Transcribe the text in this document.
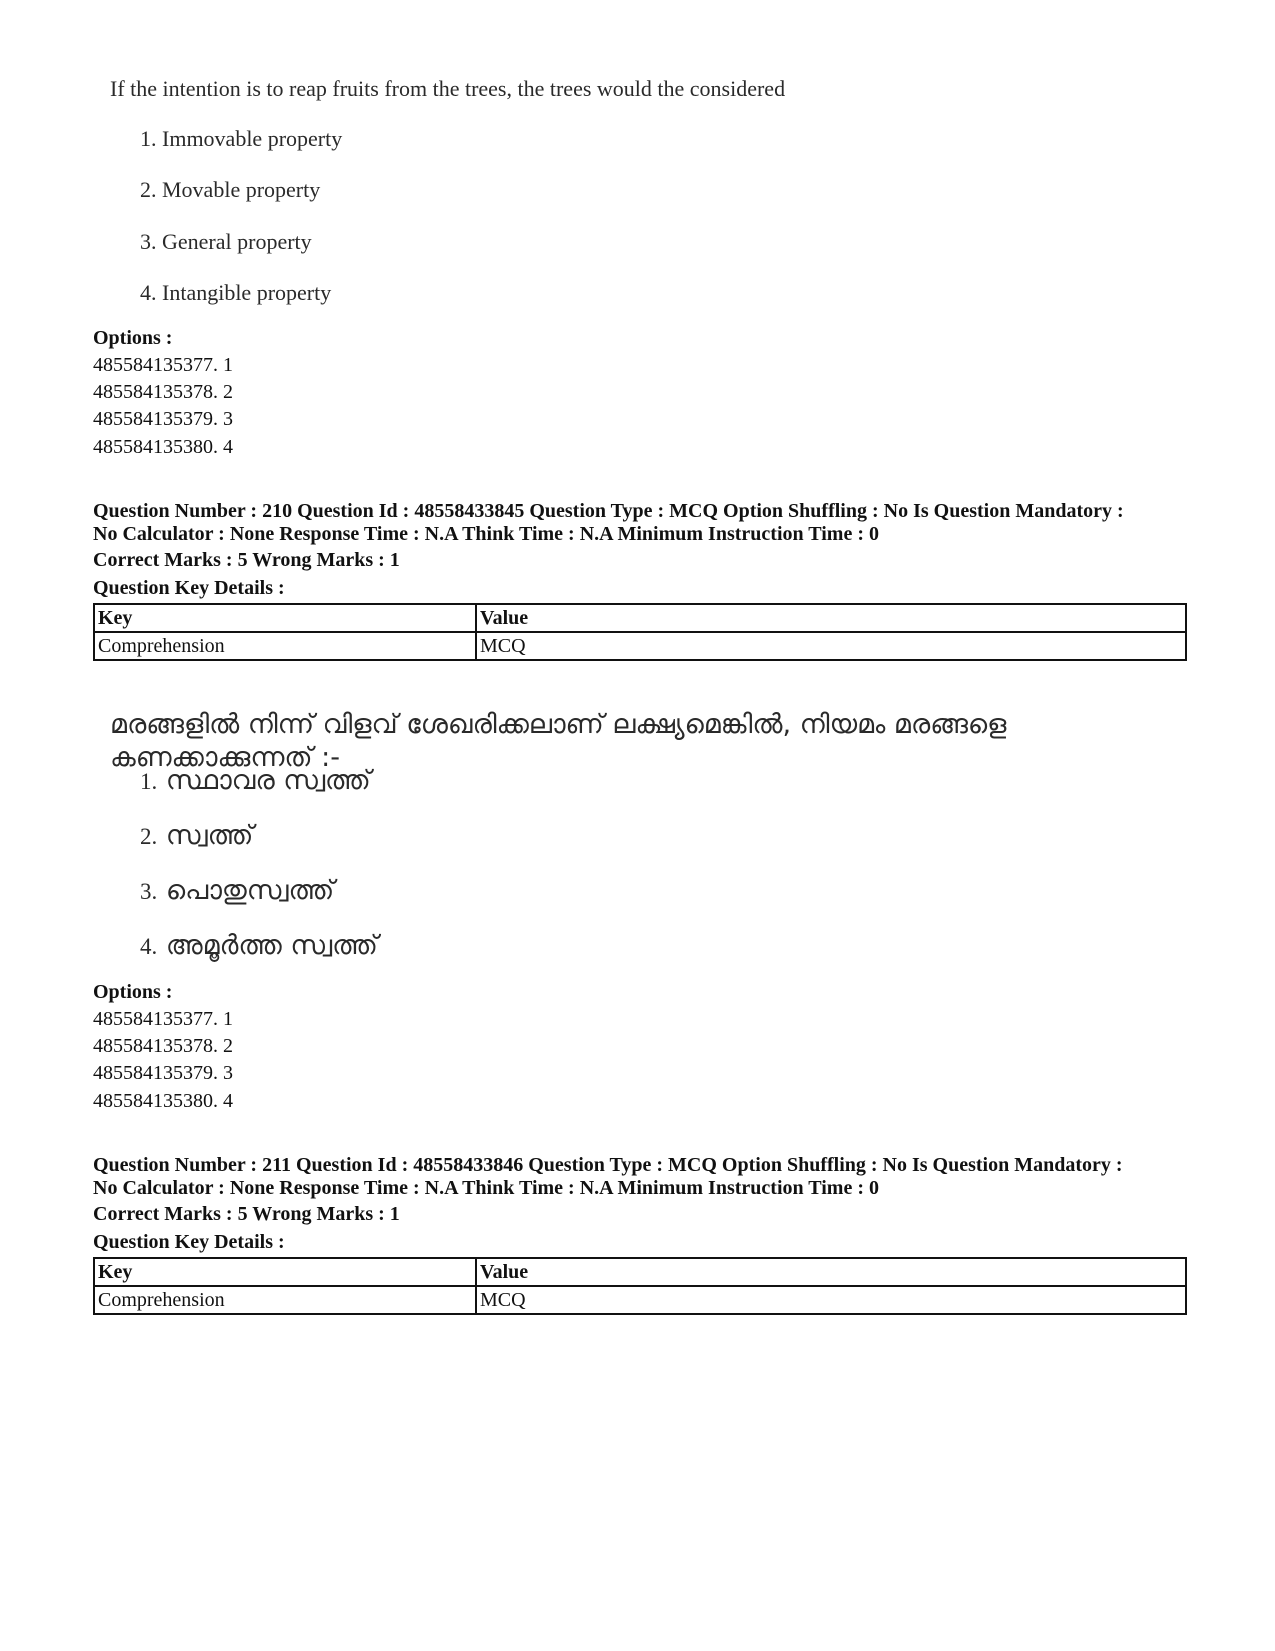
If the intention is to reap fruits from the trees, the trees would the considered
1. Immovable property
2. Movable property
3. General property
4. Intangible property
Options :
485584135377. 1
485584135378. 2
485584135379. 3
485584135380. 4
Question Number : 210 Question Id : 48558433845 Question Type : MCQ Option Shuffling : No Is Question Mandatory :
No Calculator : None Response Time : N.A Think Time : N.A Minimum Instruction Time : 0
Correct Marks : 5 Wrong Marks : 1
Question Key Details :
Key	Value
Comprehension	MCQ
മരങ്ങളിൽ നിന്ന് വിളവ് ശേഖരിക്കലാണ് ലക്ഷ്യമെങ്കിൽ, നിയമം മരങ്ങളെ
കണക്കാക്കുന്നത് :-
1. സ്ഥാവര സ്വത്ത്
2. സ്വത്ത്
3. പൊതുസ്വത്ത്
4. അമൂർത്ത സ്വത്ത്
Options :
485584135377. 1
485584135378. 2
485584135379. 3
485584135380. 4
Question Number : 211 Question Id : 48558433846 Question Type : MCQ Option Shuffling : No Is Question Mandatory :
No Calculator : None Response Time : N.A Think Time : N.A Minimum Instruction Time : 0
Correct Marks : 5 Wrong Marks : 1
Question Key Details :
Key	Value
Comprehension	MCQ
